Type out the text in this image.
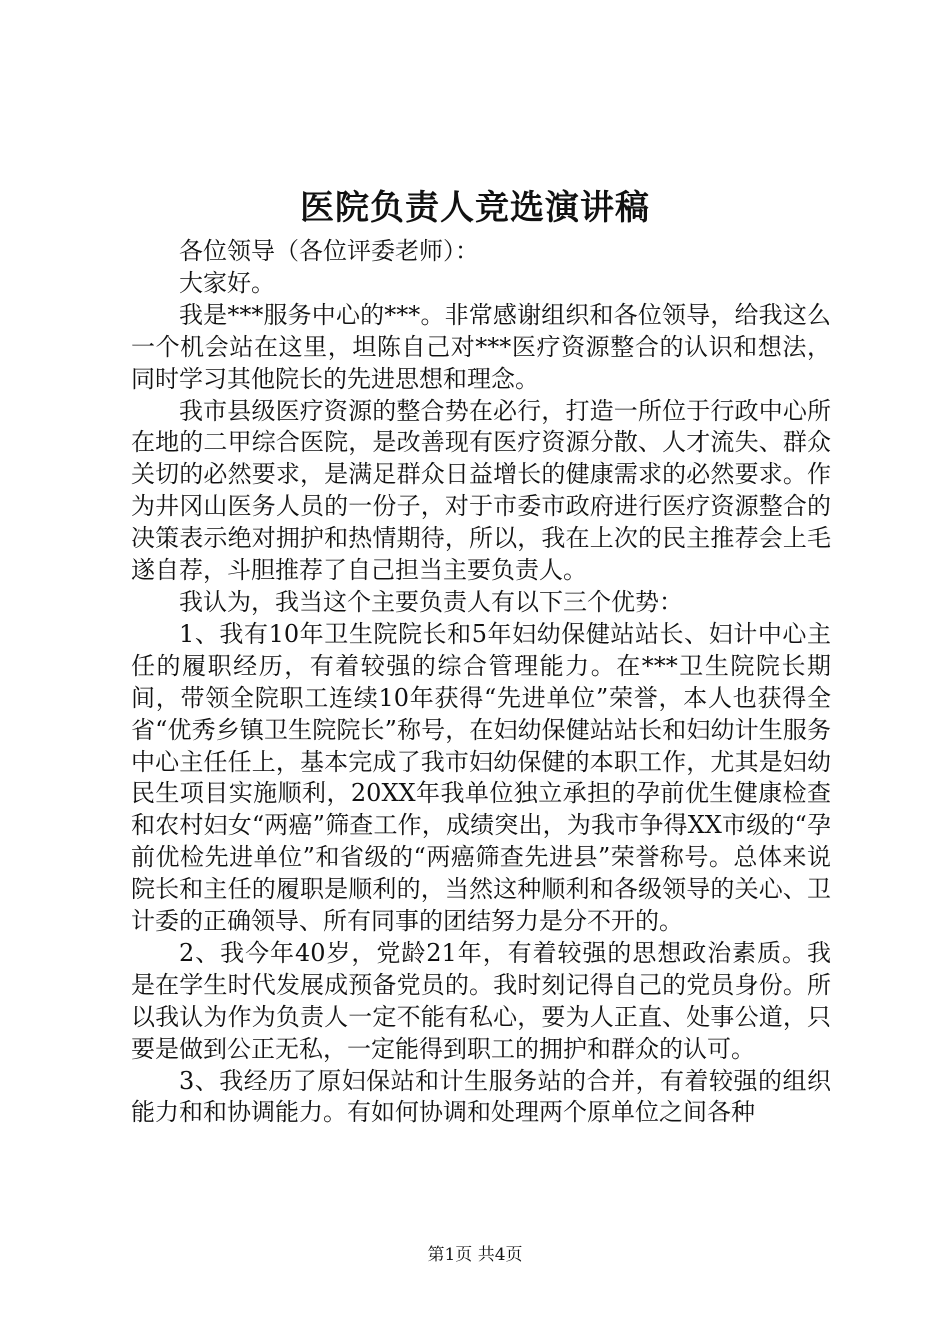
医院负责人竞选演讲稿

各位领导（各位评委老师）：

大家好。

我是***服务中心的***。非常感谢组织和各位领导，给我这么一个机会站在这里，坦陈自己对***医疗资源整合的认识和想法，同时学习其他院长的先进思想和理念。

我市县级医疗资源的整合势在必行，打造一所位于行政中心所在地的二甲综合医院，是改善现有医疗资源分散、人才流失、群众关切的必然要求，是满足群众日益增长的健康需求的必然要求。作为井冈山医务人员的一份子，对于市委市政府进行医疗资源整合的决策表示绝对拥护和热情期待，所以，我在上次的民主推荐会上毛遂自荐，斗胆推荐了自己担当主要负责人。

我认为，我当这个主要负责人有以下三个优势：

1、我有10年卫生院院长和5年妇幼保健站站长、妇计中心主任的履职经历，有着较强的综合管理能力。在***卫生院院长期间，带领全院职工连续10年获得“先进单位”荣誉，本人也获得全省“优秀乡镇卫生院院长”称号，在妇幼保健站站长和妇幼计生服务中心主任任上，基本完成了我市妇幼保健的本职工作，尤其是妇幼民生项目实施顺利，20XX年我单位独立承担的孕前优生健康检查和农村妇女“两癌”筛查工作，成绩突出，为我市争得XX市级的“孕前优检先进单位”和省级的“两癌筛查先进县”荣誉称号。总体来说院长和主任的履职是顺利的，当然这种顺利和各级领导的关心、卫计委的正确领导、所有同事的团结努力是分不开的。

2、我今年40岁，党龄21年，有着较强的思想政治素质。我是在学生时代发展成预备党员的。我时刻记得自己的党员身份。所以我认为作为负责人一定不能有私心，要为人正直、处事公道，只要是做到公正无私，一定能得到职工的拥护和群众的认可。

3、我经历了原妇保站和计生服务站的合并，有着较强的组织能力和和协调能力。有如何协调和处理两个原单位之间各种

第1页 共4页
